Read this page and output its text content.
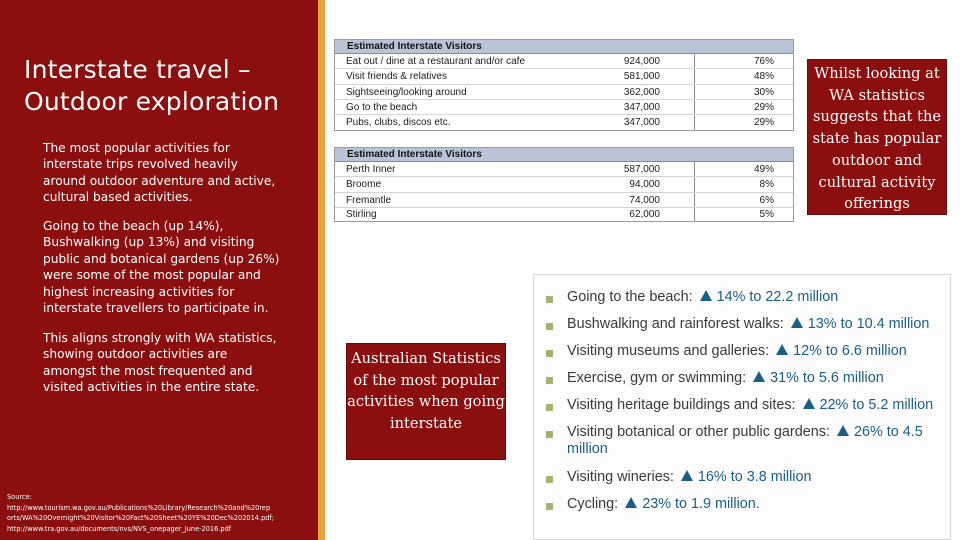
Interstate travel – Outdoor exploration

The most popular activities for interstate trips revolved heavily around outdoor adventure and active, cultural based activities.

Going to the beach (up 14%), Bushwalking (up 13%) and visiting public and botanical gardens (up 26%) were some of the most popular and highest increasing activities for interstate travellers to participate in.

This aligns strongly with WA statistics, showing outdoor activities are amongst the most frequented and visited activities in the entire state.

Source:
http://www.tourism.wa.gov.au/Publications%20Library/Research%20and%20rep
orts/WA%20Overnight%20Visitor%20Fact%20Sheet%20YE%20Dec%202014.pdf;
http://www.tra.gov.au/documents/nvs/NVS_onepager_June-2016.pdf
Estimated Interstate Visitors
Eat out / dine at a restaurant and/or cafe	924,000	76%
Visit friends & relatives	581,000	48%
Sightseeing/looking around	362,000	30%
Go to the beach	347,000	29%
Pubs, clubs, discos etc.	347,000	29%
Estimated Interstate Visitors
Perth Inner	587,000	49%
Broome	94,000	8%
Fremantle	74,000	6%
Stirling	62,000	5%
Whilst looking at WA statistics suggests that the state has popular outdoor and cultural activity offerings
Australian Statistics of the most popular activities when going interstate
Going to the beach: 14% to 22.2 million
Bushwalking and rainforest walks: 13% to 10.4 million
Visiting museums and galleries: 12% to 6.6 million
Exercise, gym or swimming: 31% to 5.6 million
Visiting heritage buildings and sites: 22% to 5.2 million
Visiting botanical or other public gardens: 26% to 4.5 million
Visiting wineries: 16% to 3.8 million
Cycling: 23% to 1.9 million.
